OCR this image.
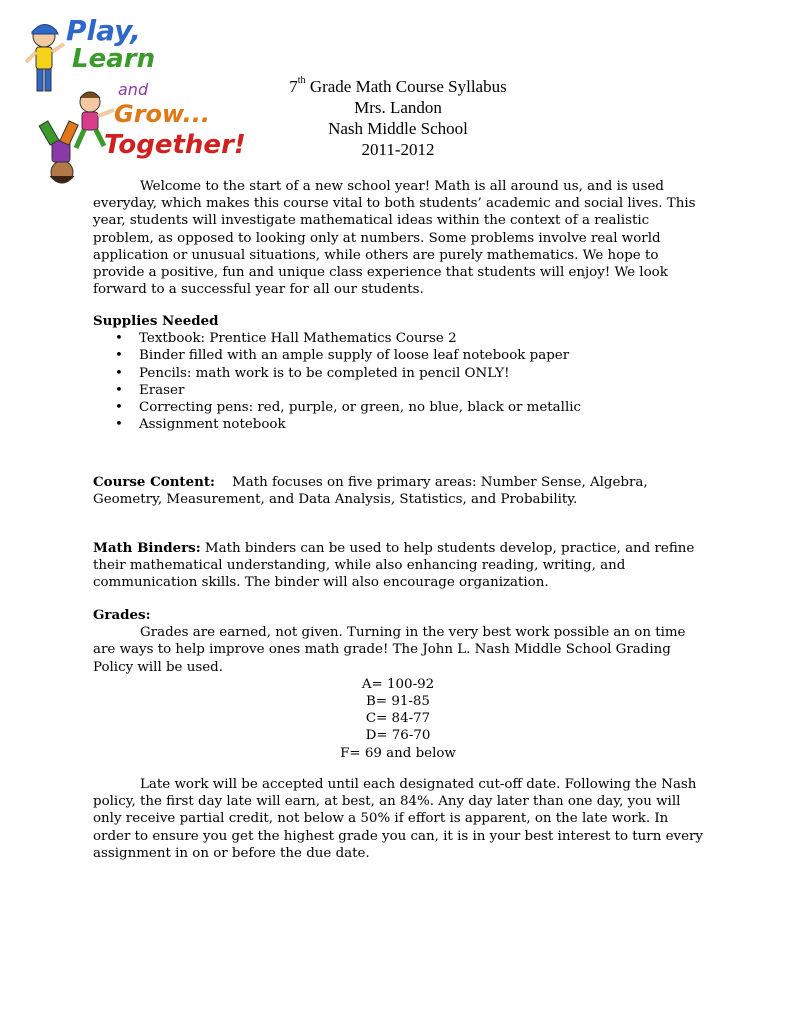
Play,
Learn
and
Grow...
Together!
7th Grade Math Course Syllabus
Mrs. Landon
Nash Middle School
2011-2012

Welcome to the start of a new school year! Math is all around us, and is used everyday, which makes this course vital to both students’ academic and social lives. This year, students will investigate mathematical ideas within the context of a realistic problem, as opposed to looking only at numbers. Some problems involve real world application or unusual situations, while others are purely mathematics. We hope to provide a positive, fun and unique class experience that students will enjoy! We look forward to a successful year for all our students.

Supplies Needed
• Textbook: Prentice Hall Mathematics Course 2
• Binder filled with an ample supply of loose leaf notebook paper
• Pencils: math work is to be completed in pencil ONLY!
• Eraser
• Correcting pens: red, purple, or green, no blue, black or metallic
• Assignment notebook

Course Content:    Math focuses on five primary areas: Number Sense, Algebra, Geometry, Measurement, and Data Analysis, Statistics, and Probability.

Math Binders: Math binders can be used to help students develop, practice, and refine their mathematical understanding, while also enhancing reading, writing, and communication skills. The binder will also encourage organization.

Grades:

Grades are earned, not given. Turning in the very best work possible an on time are ways to help improve ones math grade! The John L. Nash Middle School Grading Policy will be used.

A= 100-92
B= 91-85
C= 84-77
D= 76-70
F= 69 and below

Late work will be accepted until each designated cut-off date. Following the Nash policy, the first day late will earn, at best, an 84%. Any day later than one day, you will only receive partial credit, not below a 50% if effort is apparent, on the late work. In order to ensure you get the highest grade you can, it is in your best interest to turn every assignment in on or before the due date.
